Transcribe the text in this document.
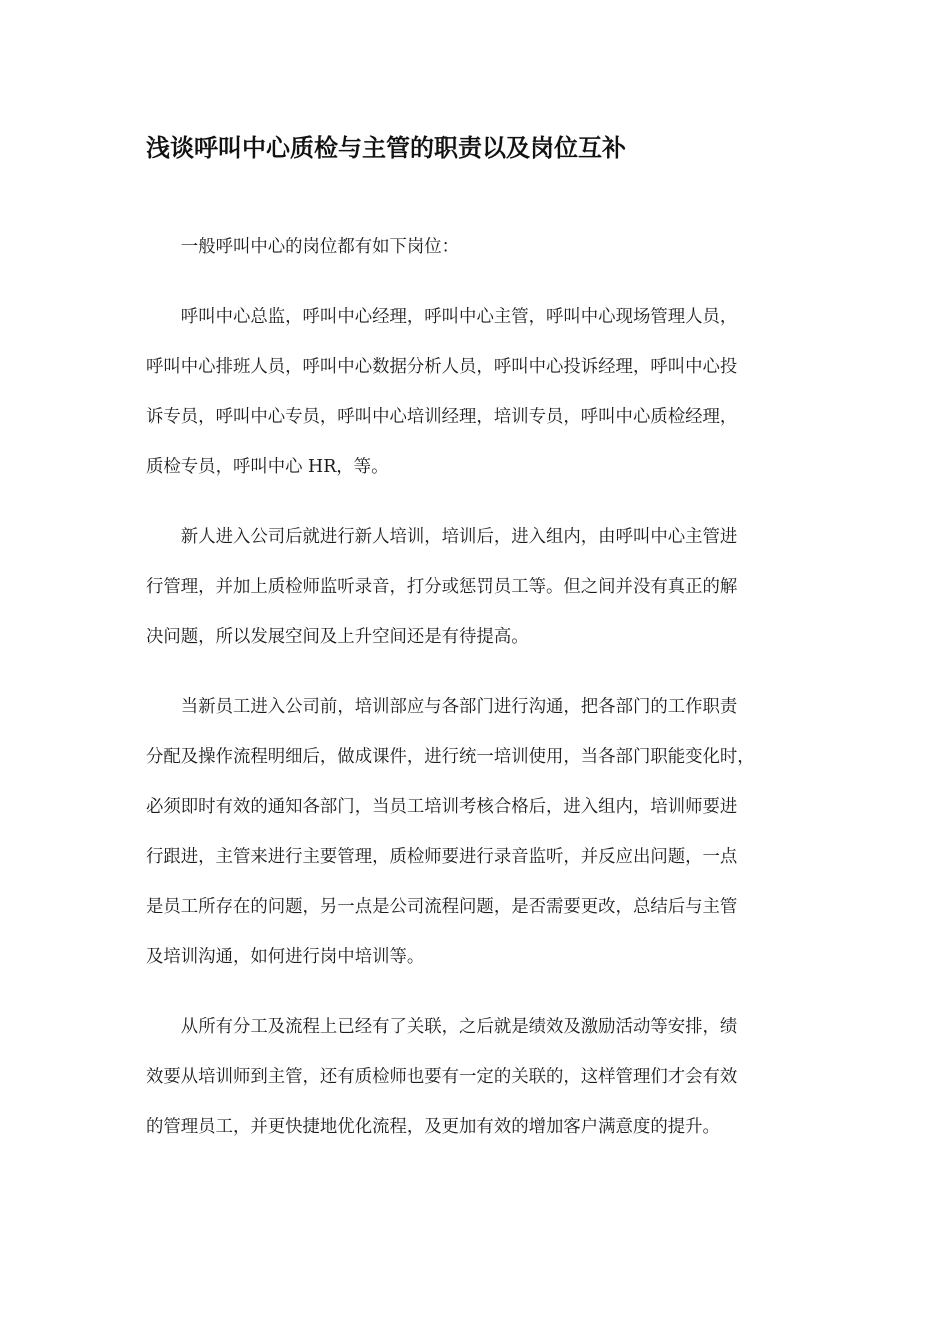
浅谈呼叫中心质检与主管的职责以及岗位互补

一般呼叫中心的岗位都有如下岗位：

呼叫中心总监，呼叫中心经理，呼叫中心主管，呼叫中心现场管理人员，
呼叫中心排班人员，呼叫中心数据分析人员，呼叫中心投诉经理，呼叫中心投
诉专员，呼叫中心专员，呼叫中心培训经理，培训专员，呼叫中心质检经理，
质检专员，呼叫中心 HR，等。

新人进入公司后就进行新人培训，培训后，进入组内，由呼叫中心主管进
行管理，并加上质检师监听录音，打分或惩罚员工等。但之间并没有真正的解
决问题，所以发展空间及上升空间还是有待提高。

当新员工进入公司前，培训部应与各部门进行沟通，把各部门的工作职责
分配及操作流程明细后，做成课件，进行统一培训使用，当各部门职能变化时，
必须即时有效的通知各部门，当员工培训考核合格后，进入组内，培训师要进
行跟进，主管来进行主要管理，质检师要进行录音监听，并反应出问题，一点
是员工所存在的问题，另一点是公司流程问题，是否需要更改，总结后与主管
及培训沟通，如何进行岗中培训等。

从所有分工及流程上已经有了关联，之后就是绩效及激励活动等安排，绩
效要从培训师到主管，还有质检师也要有一定的关联的，这样管理们才会有效
的管理员工，并更快捷地优化流程，及更加有效的增加客户满意度的提升。
